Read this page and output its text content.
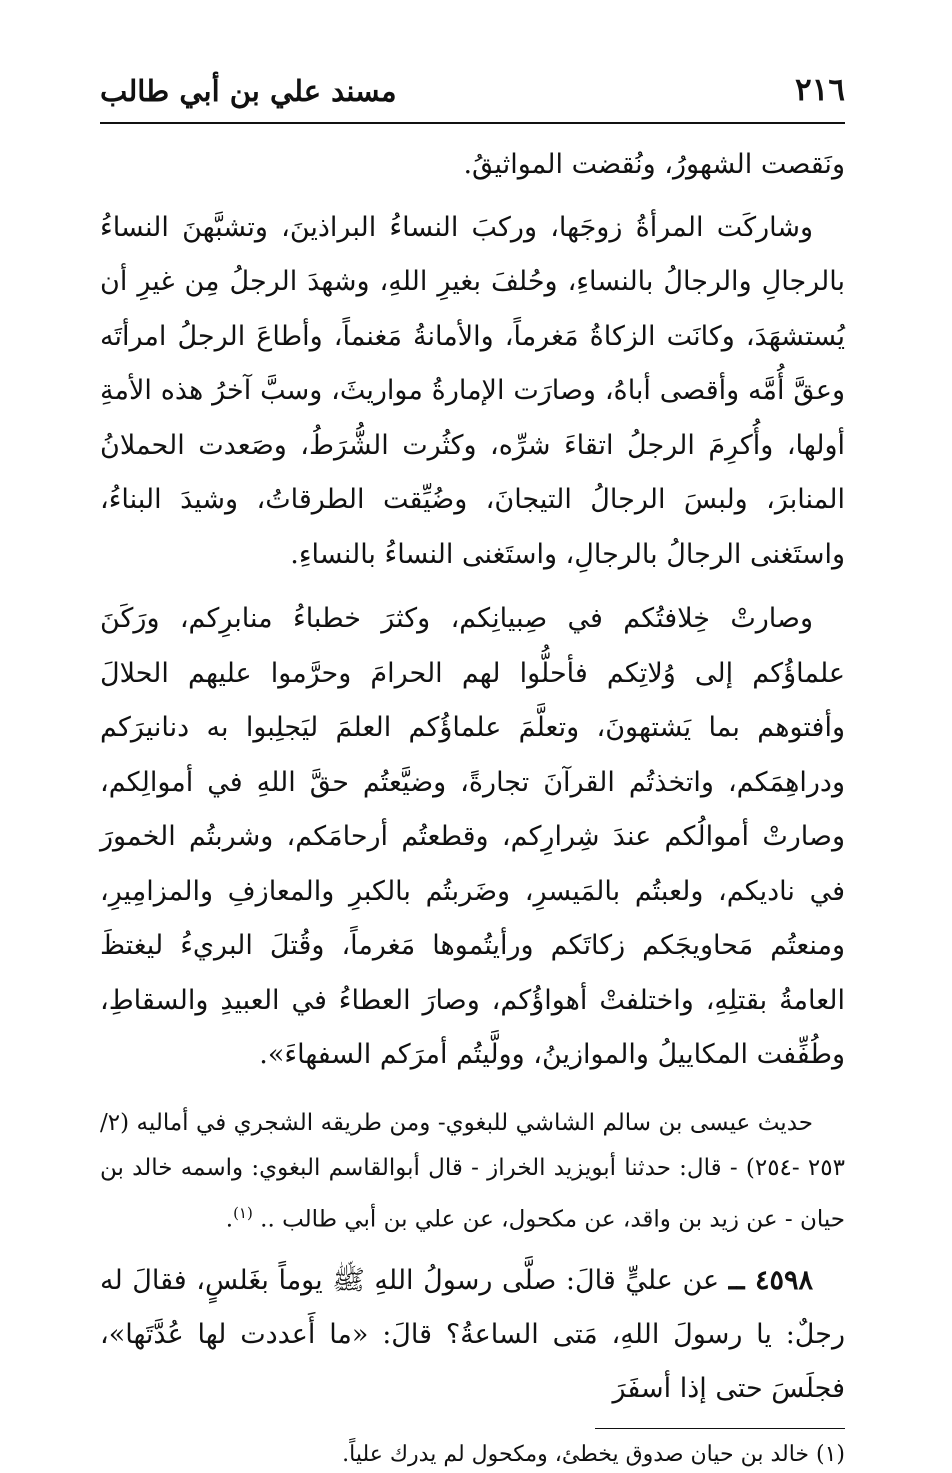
٢١٦
مسند علي بن أبي طالب

ونَقصت الشهورُ، ونُقضت المواثيقُ.

وشاركَت المرأةُ زوجَها، وركبَ النساءُ البراذينَ، وتشبَّهنَ النساءُ بالرجالِ والرجالُ بالنساءِ، وحُلفَ بغيرِ اللهِ، وشهدَ الرجلُ مِن غيرِ أن يُستشهَدَ، وكانَت الزكاةُ مَغرماً، والأمانةُ مَغنماً، وأطاعَ الرجلُ امرأتَه وعقَّ أُمَّه وأقصى أباهُ، وصارَت الإمارةُ مواريثَ، وسبَّ آخرُ هذه الأمةِ أولها، وأُكرِمَ الرجلُ اتقاءَ شرِّه، وكثُرت الشُّرَطُ، وصَعدت الحملانُ المنابرَ، ولبسَ الرجالُ التيجانَ، وضُيِّقت الطرقاتُ، وشيدَ البناءُ، واستَغنى الرجالُ بالرجالِ، واستَغنى النساءُ بالنساءِ.

وصارتْ خِلافتُكم في صِبيانِكم، وكثرَ خطباءُ منابرِكم، ورَكَنَ علماؤُكم إلى وُلاتِكم فأحلُّوا لهم الحرامَ وحرَّموا عليهم الحلالَ وأفتوهم بما يَشتهونَ، وتعلَّمَ علماؤُكم العلمَ ليَجلِبوا به دنانيرَكم ودراهِمَكم، واتخذتُم القرآنَ تجارةً، وضيَّعتُم حقَّ اللهِ في أموالِكم، وصارتْ أموالُكم عندَ شِرارِكم، وقطعتُم أرحامَكم، وشربتُم الخمورَ في ناديكم، ولعبتُم بالمَيسرِ، وضَربتُم بالكبرِ والمعازفِ والمزامِيرِ، ومنعتُم مَحاويجَكم زكاتَكم ورأيتُموها مَغرماً، وقُتلَ البريءُ ليغتظَ العامةُ بقتلِهِ، واختلفتْ أهواؤُكم، وصارَ العطاءُ في العبيدِ والسقاطِ، وطُفِّفت المكاييلُ والموازينُ، وولَّيتُم أمرَكم السفهاءَ».

حديث عيسى بن سالم الشاشي للبغوي- ومن طريقه الشجري في أماليه (٢/ ٢٥٣ -٢٥٤) - قال: حدثنا أبويزيد الخراز - قال أبوالقاسم البغوي: واسمه خالد بن حيان - عن زيد بن واقد، عن مكحول، عن علي بن أبي طالب .. $^{(١)}$.

٤٥٩٨ ــ عن عليٍّ قالَ: صلَّى رسولُ اللهِ ﷺ يوماً بغَلسٍ، فقالَ له رجلٌ: يا رسولَ اللهِ، مَتى الساعةُ؟ قالَ: «ما أَعددت لها عُدَّتَها»، فجلَسَ حتى إذا أسفَرَ

(١) خالد بن حيان صدوق يخطئ، ومكحول لم يدرك علياً.
